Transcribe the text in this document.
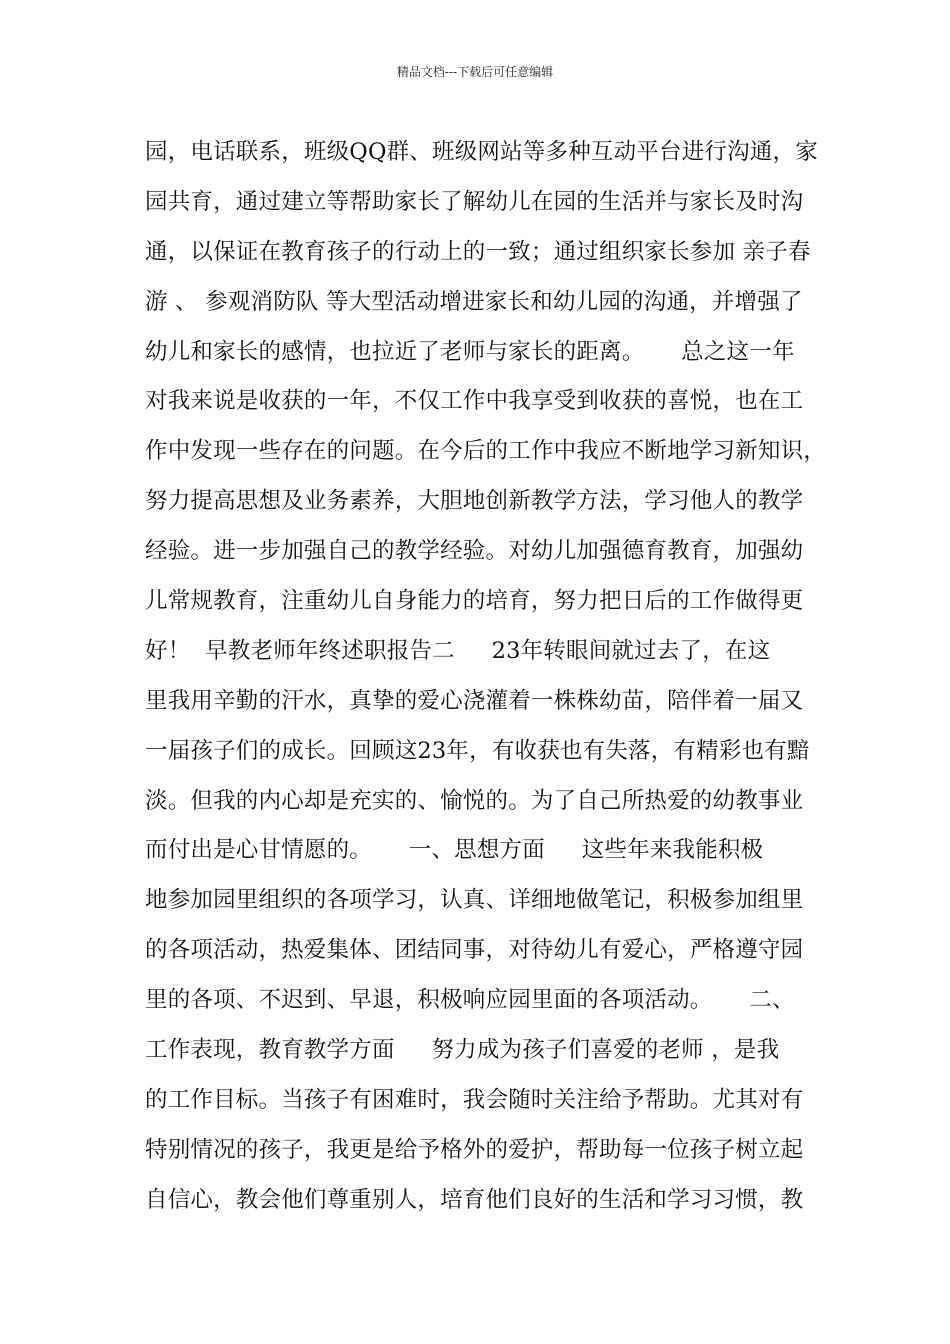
精品文档---下载后可任意编辑
园，电话联系，班级QQ群、班级网站等多种互动平台进行沟通，家
园共育，通过建立等帮助家长了解幼儿在园的生活并与家长及时沟
通，以保证在教育孩子的行动上的一致；通过组织家长参加 亲子春
游 、 参观消防队 等大型活动增进家长和幼儿园的沟通，并增强了
幼儿和家长的感情，也拉近了老师与家长的距离。     总之这一年
对我来说是收获的一年，不仅工作中我享受到收获的喜悦，也在工
作中发现一些存在的问题。在今后的工作中我应不断地学习新知识，
努力提高思想及业务素养，大胆地创新教学方法，学习他人的教学
经验。进一步加强自己的教学经验。对幼儿加强德育教育，加强幼
儿常规教育，注重幼儿自身能力的培育，努力把日后的工作做得更
好！  早教老师年终述职报告二     23年转眼间就过去了，在这
里我用辛勤的汗水，真挚的爱心浇灌着一株株幼苗，陪伴着一届又
一届孩子们的成长。回顾这23年，有收获也有失落，有精彩也有黯
淡。但我的内心却是充实的、愉悦的。为了自己所热爱的幼教事业
而付出是心甘情愿的。     一、思想方面     这些年来我能积极
地参加园里组织的各项学习，认真、详细地做笔记，积极参加组里
的各项活动，热爱集体、团结同事，对待幼儿有爱心，严格遵守园
里的各项、不迟到、早退，积极响应园里面的各项活动。     二、
工作表现，教育教学方面     努力成为孩子们喜爱的老师 ，是我
的工作目标。当孩子有困难时，我会随时关注给予帮助。尤其对有
特别情况的孩子，我更是给予格外的爱护，帮助每一位孩子树立起
自信心，教会他们尊重别人，培育他们良好的生活和学习习惯，教
